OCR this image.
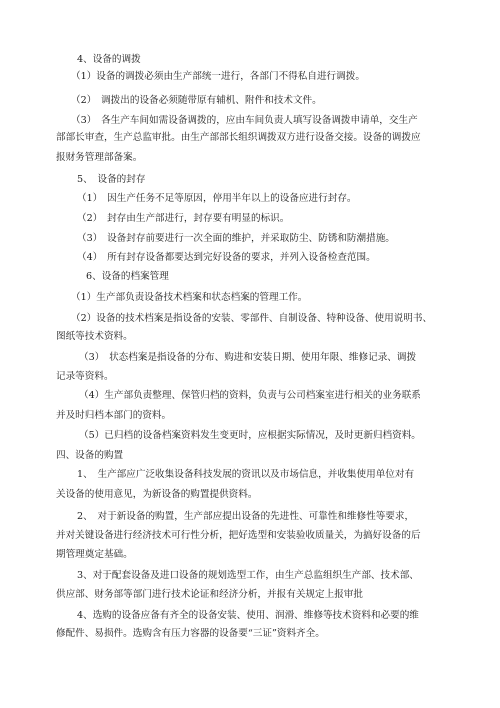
4、设备的调拨
（1）设备的调拨必须由生产部统一进行，各部门不得私自进行调拨。
（2）　调拨出的设备必须随带原有辅机、附件和技术文件。
（3）　各生产车间如需设备调拨的，应由车间负责人填写设备调拨申请单，交生产
部部长审查，生产总监审批。由生产部部长组织调拨双方进行设备交接。设备的调拨应
报财务管理部备案。
5、　设备的封存
（1）　因生产任务不足等原因，停用半年以上的设备应进行封存。
（2）　封存由生产部进行，封存要有明显的标识。
（3）　设备封存前要进行一次全面的维护，并采取防尘、防锈和防潮措施。
（4）　所有封存设备都要达到完好设备的要求，并列入设备检查范围。
6、设备的档案管理
（1）生产部负责设备技术档案和状态档案的管理工作。
（2）设备的技术档案是指设备的安装、零部件、自制设备、特种设备、使用说明书、
图纸等技术资料。
（3）　状态档案是指设备的分布、购进和安装日期、使用年限、维修记录、调拨
记录等资料。
（4）生产部负责整理、保管归档的资料，负责与公司档案室进行相关的业务联系
并及时归档本部门的资料。
（5）已归档的设备档案资料发生变更时，应根据实际情况，及时更新归档资料。
四、设备的购置
1、　生产部应广泛收集设备科技发展的资讯以及市场信息，并收集使用单位对有
关设备的使用意见，为新设备的购置提供资料。
2、　对于新设备的购置，生产部应提出设备的先进性、可靠性和维修性等要求，
并对关键设备进行经济技术可行性分析，把好选型和安装验收质量关，为搞好设备的后
期管理奠定基础。
3、对于配套设备及进口设备的规划选型工作，由生产总监组织生产部、技术部、
供应部、财务部等部门进行技术论证和经济分析，并报有关规定上报审批
4、选购的设备应备有齐全的设备安装、使用、润滑、维修等技术资料和必要的维
修配件、易损件。选购含有压力容器的设备要“三证”资料齐全。
